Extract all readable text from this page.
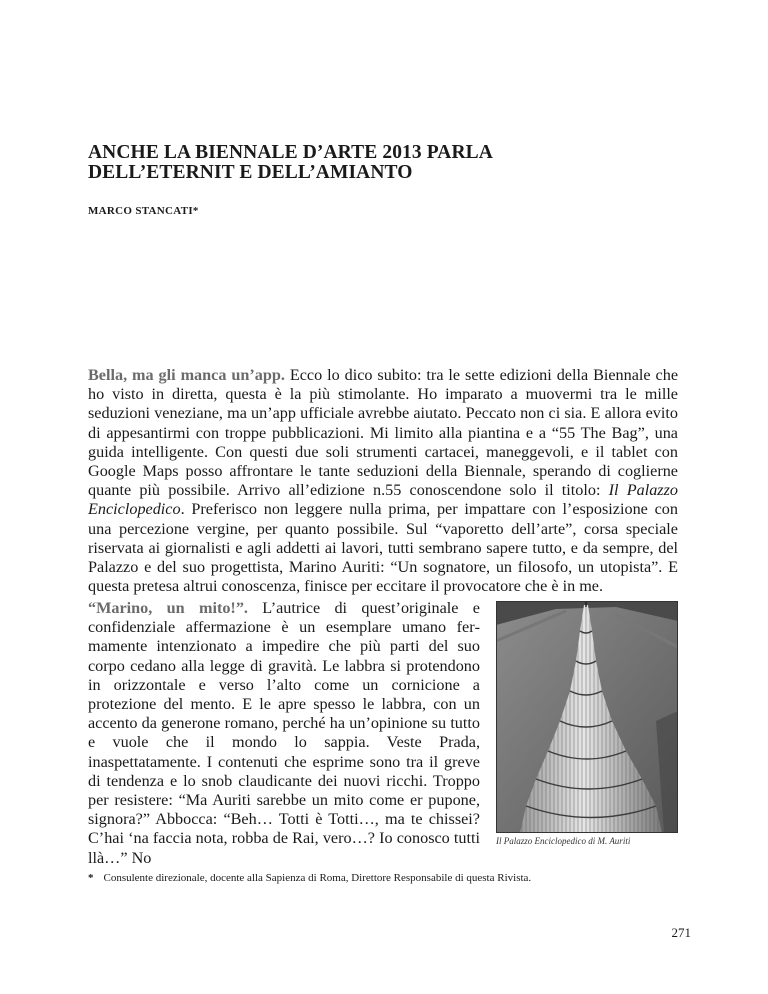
ANCHE LA BIENNALE D’ARTE 2013 PARLA
DELL’ETERNIT E DELL’AMIANTO
MARCO STANCATI*

Bella, ma gli manca un’app. Ecco lo dico subito: tra le sette edizioni della Biennale che ho visto in diretta, questa è la più stimolante. Ho imparato a muovermi tra le mille seduzioni veneziane, ma un’app ufficiale avrebbe aiutato. Peccato non ci sia. E allora evito di appesantirmi con troppe pubblicazioni. Mi limito alla piantina e a “55 The Bag”, una guida intelligente. Con questi due soli strumenti cartacei, maneggevoli, e il tablet con Google Maps posso affrontare le tante seduzioni della Biennale, sperando di coglierne quante più possibile. Arrivo all’edizione n.55 conoscendone solo il titolo: Il Palazzo Enciclopedico. Preferisco non leggere nulla prima, per impattare con l’esposizione con una percezione vergine, per quanto possibile. Sul “vaporetto dell’arte”, corsa speciale riservata ai giornalisti e agli addetti ai lavori, tutti sembrano sapere tutto, e da sempre, del Palazzo e del suo progettista, Marino Auriti: “Un sognatore, un filosofo, un utopista”. E questa pretesa altrui conoscenza, finisce per eccitare il provocatore che è in me.

“Marino, un mito!”. L’autrice di quest’originale e confidenziale affermazione è un esemplare umano fermamente intenzionato a impedire che più parti del suo corpo cedano alla legge di gravità. Le labbra si protendono in orizzontale e verso l’alto come un cornicione a protezione del mento. E le apre spesso le labbra, con un accento da generone romano, perché ha un’opinione su tutto e vuole che il mondo lo sappia. Veste Prada, inaspettatamente. I contenuti che esprime sono tra il greve di tendenza e lo snob claudicante dei nuovi ricchi. Troppo per resistere: “Ma Auriti sarebbe un mito come er pupone, signora?” Abbocca: “Beh… Totti è Totti…, ma te chissei? C’hai ‘na faccia nota, robba de Rai, vero…? Io conosco tutti llà…” No

Il Palazzo Enciclopedico di M. Auriti
* Consulente direzionale, docente alla Sapienza di Roma, Direttore Responsabile di questa Rivista.
271
